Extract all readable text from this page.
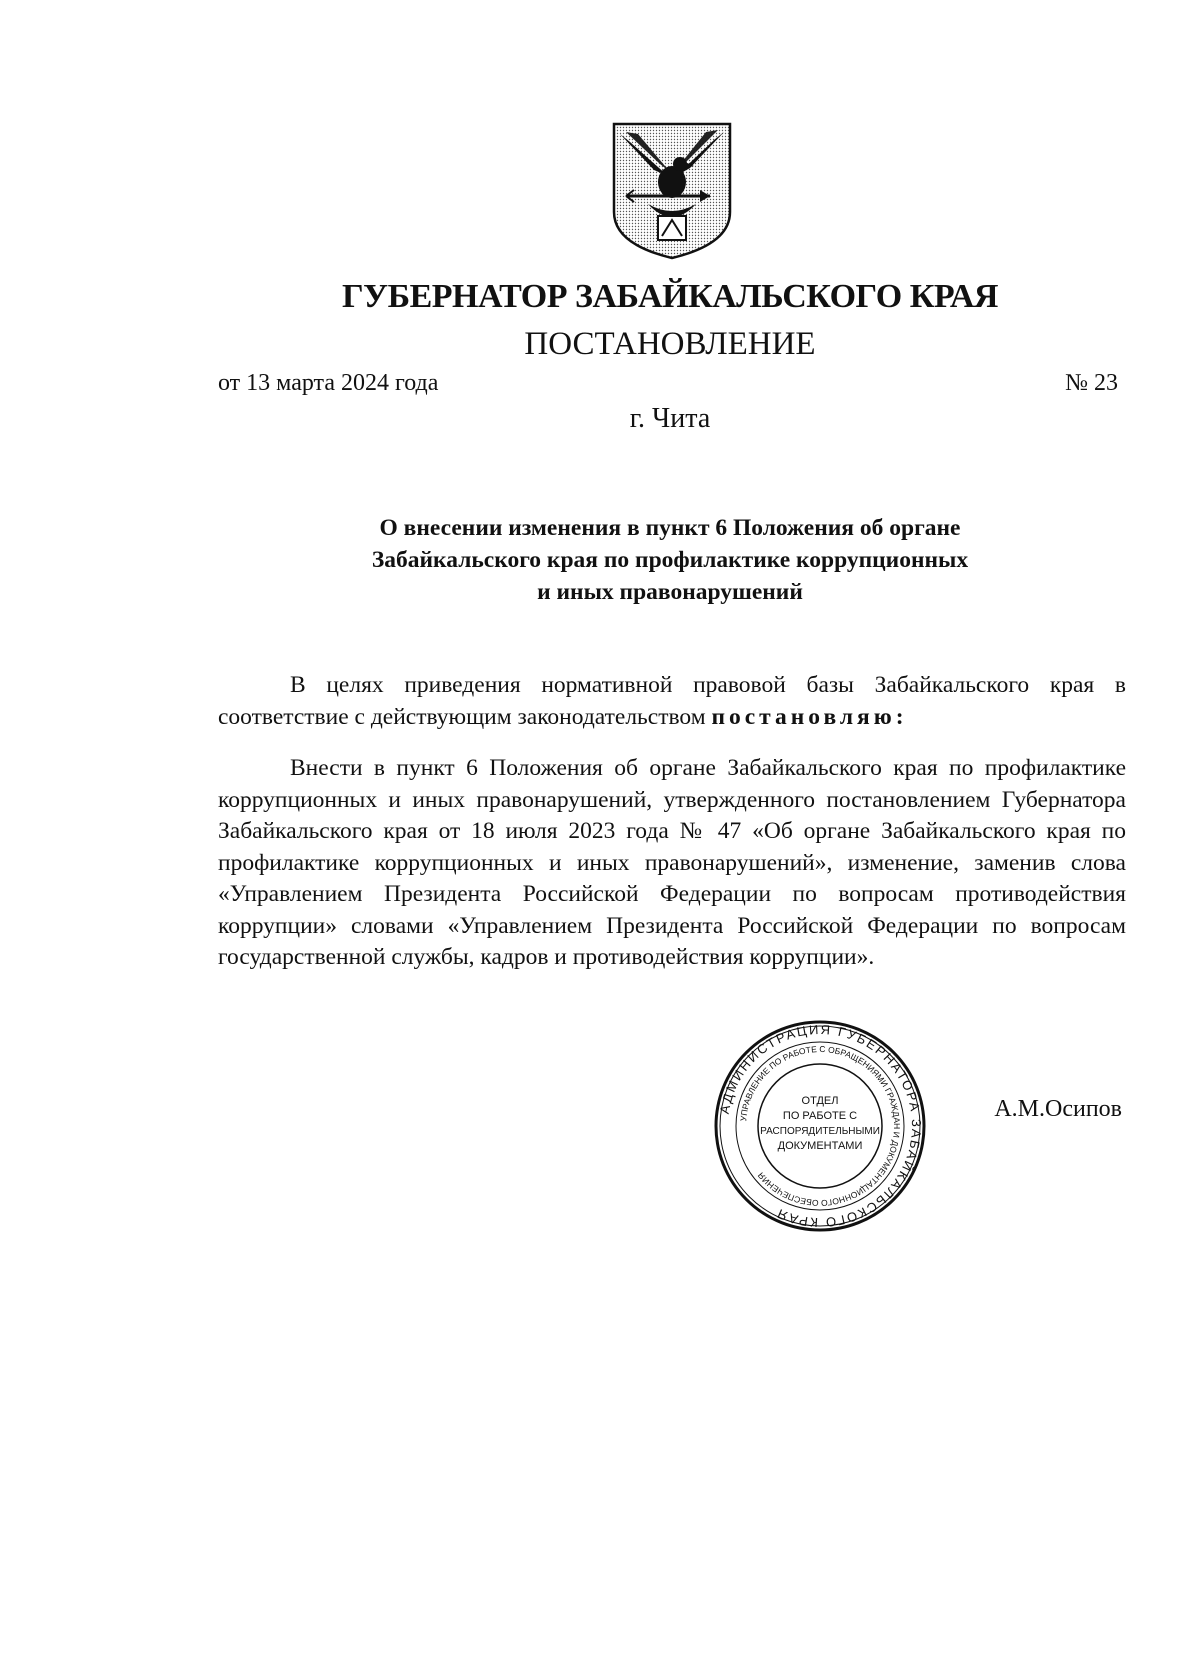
ГУБЕРНАТОР ЗАБАЙКАЛЬСКОГО КРАЯ
ПОСТАНОВЛЕНИЕ
от 13 марта 2024 года	№ 23
г. Чита
О внесении изменения в пункт 6 Положения об органе
Забайкальского края по профилактике коррупционных
и иных правонарушений

В целях приведения нормативной правовой базы Забайкальского края в соответствие с действующим законодательством постановляю:

Внести в пункт 6 Положения об органе Забайкальского края по профилактике коррупционных и иных правонарушений, утвержденного постановлением Губернатора Забайкальского края от 18 июля 2023 года № 47 «Об органе Забайкальского края по профилактике коррупционных и иных правонарушений», изменение, заменив слова «Управлением Президента Российской Федерации по вопросам противодействия коррупции» словами «Управлением Президента Российской Федерации по вопросам государственной службы, кадров и противодействия коррупции».

АДМИНИСТРАЦИЯ ГУБЕРНАТОРА ЗАБАЙКАЛЬСКОГО КРАЯ
УПРАВЛЕНИЕ ПО РАБОТЕ С ОБРАЩЕНИЯМИ ГРАЖДАН И ДОКУМЕНТАЦИОННОГО ОБЕСПЕЧЕНИЯ
ОТДЕЛ
ПО РАБОТЕ С
РАСПОРЯДИТЕЛЬНЫМИ
ДОКУМЕНТАМИ
А.М.Осипов
